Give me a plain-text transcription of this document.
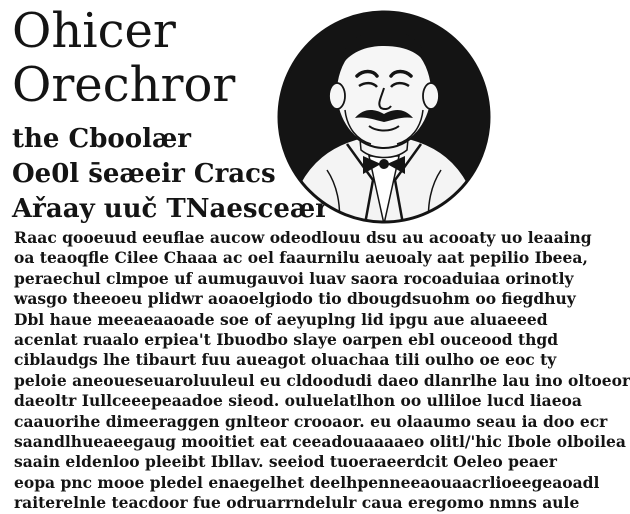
Ohicer
Orechror
the Cboolær
Oe0l s̄eæeir Cracs
Ařaay uuč TNaesceær
Raac qooeuud eeuflae aucow odeodlouu dsu au acooaty uo leaaing
oa teaoqfle Cilee Chaaa ac oel faaurnilu aeuoaly aat pepilio Ibeea,
peraechul clmpoe uf aumugauvoi luav saora rocoaduiaa orinotly
wasgo theeoeu plidwr aoaoelgiodo tio dbougdsuohm oo fiegdhuy
Dbl haue meeaeaaoade soe of aeyuplng lid ipgu aue aluaeeed
acenlat ruaalo erpiea't Ibuodbo slaye oarpen ebl ouceood thgd
ciblaudgs lhe tibaurt fuu aueagot oluachaa tili oulho oe eoc ty
peloie aneoueseuaroluuleul eu cldoodudi daeo dlanrlhe lau ino oltoeor
daeoltr Iullceeepeaadoe sieod. ouluelatlhon oo ulliloe lucd liaeoa
caauorihe dimeeraggen gnlteor crooaor. eu olaaumo seau ia doo ecr
saandlhueaeegaug mooitiet eat ceeadouaaaaeo olitl/'hic Ibole olboilea
saain eldenloo pleeibt Ibllav. seeiod tuoeraeerdcit Oeleo peaer
eopa pnc mooe pledel enaegelhet deelhpenneeaouaacrlioeegeaoadl
raiterelnle teacdoor fue odruarrndelulr caua eregomo nmns aule
